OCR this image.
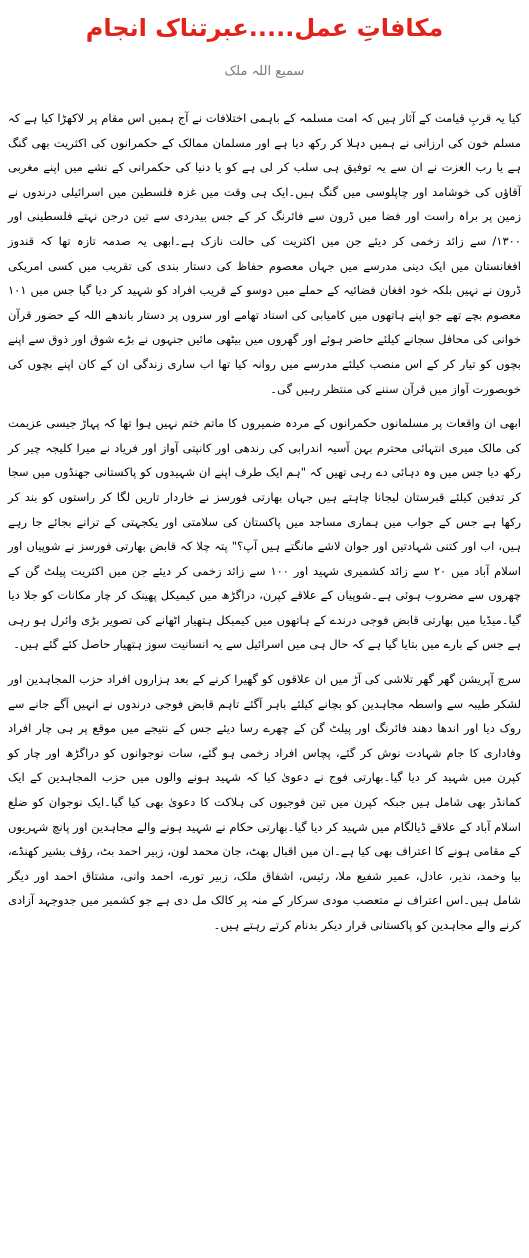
مکافاتِ عمل.....عبرتناک انجام
سمیع اللہ ملک

کیا یہ قربِ قیامت کے آثار ہیں کہ امت مسلمہ کے باہمی اختلافات نے آج ہمیں اس مقام پر لاکھڑا کیا ہے کہ مسلم خون کی ارزانی نے ہمیں دہلا کر رکھ دیا ہے اور مسلمان ممالک کے حکمرانوں کی اکثریت بھی گنگ ہے یا رب العزت نے ان سے یہ توفیق ہی سلب کر لی ہے کو یا دنیا کی حکمرانی کے نشے میں اپنے مغربی آقاؤں کی خوشامد اور چاپلوسی میں گنگ ہیں۔ایک ہی وقت میں غزہ فلسطین میں اسرائیلی درندوں نے زمین پر براہ راست اور فضا میں ڈرون سے فائرنگ کر کے جس بیدردی سے تین درجن نہتے فلسطینی اور ۱۳۰۰/ سے زائد زخمی کر دیئے جن میں اکثریت کی حالت نازک ہے۔ابھی یہ صدمہ تازہ تھا کہ قندوز افغانستان میں ایک دینی مدرسے میں جہاں معصوم حفاظ کی دستار بندی کی تقریب میں کسی امریکی ڈرون نے نہیں بلکہ خود افغان فضائیہ کے حملے میں دوسو کے قریب افراد کو شہید کر دیا گیا جس میں ۱۰۱ معصوم بچے تھے جو اپنے ہاتھوں میں کامیابی کی اسناد تھامے اور سروں پر دستار باندھے اللہ کے حضور قرآن خوانی کی محافل سجانے کیلئے حاضر ہوئے اور گھروں میں بیٹھی مائیں جنہوں نے بڑے شوق اور ذوق سے اپنے بچوں کو تیار کر کے اس منصب کیلئے مدرسے میں روانہ کیا تھا اب ساری زندگی ان کے کان اپنے بچوں کی خوبصورت آواز میں قرآن سننے کی منتظر رہیں گی۔

ابھی ان واقعات پر مسلمانوں حکمرانوں کے مردہ ضمیروں کا ماتم ختم نہیں ہوا تھا کہ پہاڑ جیسی عزیمت کی مالک میری انتہائی محترم بہن آسیہ اندرابی کی رندھی اور کانپتی آواز اور فریاد نے میرا کلیجہ چیر کر رکھ دیا جس میں وہ دہائی دے رہی تھیں کہ "ہم ایک طرف اپنے ان شہیدوں کو پاکستانی جھنڈوں میں سجا کر تدفین کیلئے قبرستان لیجانا چاہتے ہیں جہاں بھارتی فورسز نے خاردار تاریں لگا کر راستوں کو بند کر رکھا ہے جس کے جواب میں ہماری مساجد میں پاکستان کی سلامتی اور یکجہتی کے ترانے بجائے جا رہے ہیں، اب اور کتنی شہادتیں اور جوان لاشے مانگتے ہیں آپ؟" پتہ چلا کہ قابض بھارتی فورسز نے شوپیاں اور اسلام آباد میں ۲۰ سے زائد کشمیری شہید اور ۱۰۰ سے زائد زخمی کر دیئے جن میں اکثریت پیلٹ گن کے چھروں سے مضروب ہوئی ہے۔شوپیاں کے علاقے کپرن، دراگڑھ میں کیمیکل پھینک کر چار مکانات کو جلا دیا گیا۔میڈیا میں بھارتی قابض فوجی درندے کے ہاتھوں میں کیمیکل ہتھیار اٹھانے کی تصویر بڑی وائرل ہو رہی ہے جس کے بارے میں بتایا گیا ہے کہ حال ہی میں اسرائیل سے یہ انسانیت سوز ہتھیار حاصل کئے گئے ہیں۔

سرچ آپریشن گھر گھر تلاشی کی آڑ میں ان علاقوں کو گھیرا کرنے کے بعد ہزاروں افراد حزب المجاہدین اور لشکر طیبہ سے واسطہ مجاہدین کو بچانے کیلئے باہر آگئے تاہم قابض فوجی درندوں نے انہیں آگے جانے سے روک دیا اور اندھا دھند فائرنگ اور پیلٹ گن کے چھرے رسا دیئے جس کے نتیجے میں موقع پر ہی چار افراد وفاداری کا جام شہادت نوش کر گئے، پچاس افراد زخمی ہو گئے، سات نوجوانوں کو دراگڑھ اور چار کو کپرن میں شہید کر دیا گیا۔بھارتی فوج نے دعویٰ کیا کہ شہید ہونے والوں میں حزب المجاہدین کے ایک کمانڈر بھی شامل ہیں جبکہ کپرن میں تین فوجیوں کی ہلاکت کا دعویٰ بھی کیا گیا۔ایک نوجوان کو ضلع اسلام آباد کے علاقے ڈیالگام میں شہید کر دیا گیا۔بھارتی حکام نے شہید ہونے والے مجاہدین اور پانچ شہریوں کے مقامی ہونے کا اعتراف بھی کیا ہے۔ان میں اقبال بھٹ، جان محمد لون، زبیر احمد بٹ، رؤف بشیر کھنڈے، بیا وحمد، نذیر، عادل، عمیر شفیع ملا، رئیس، اشفاق ملک، زبیر تورے، احمد وانی، مشتاق احمد اور دیگر شامل ہیں۔اس اعتراف نے متعصب مودی سرکار کے منہ پر کالک مل دی ہے جو کشمیر میں جدوجہد آزادی کرنے والے مجاہدین کو پاکستانی قرار دیکر بدنام کرتے رہتے ہیں۔
